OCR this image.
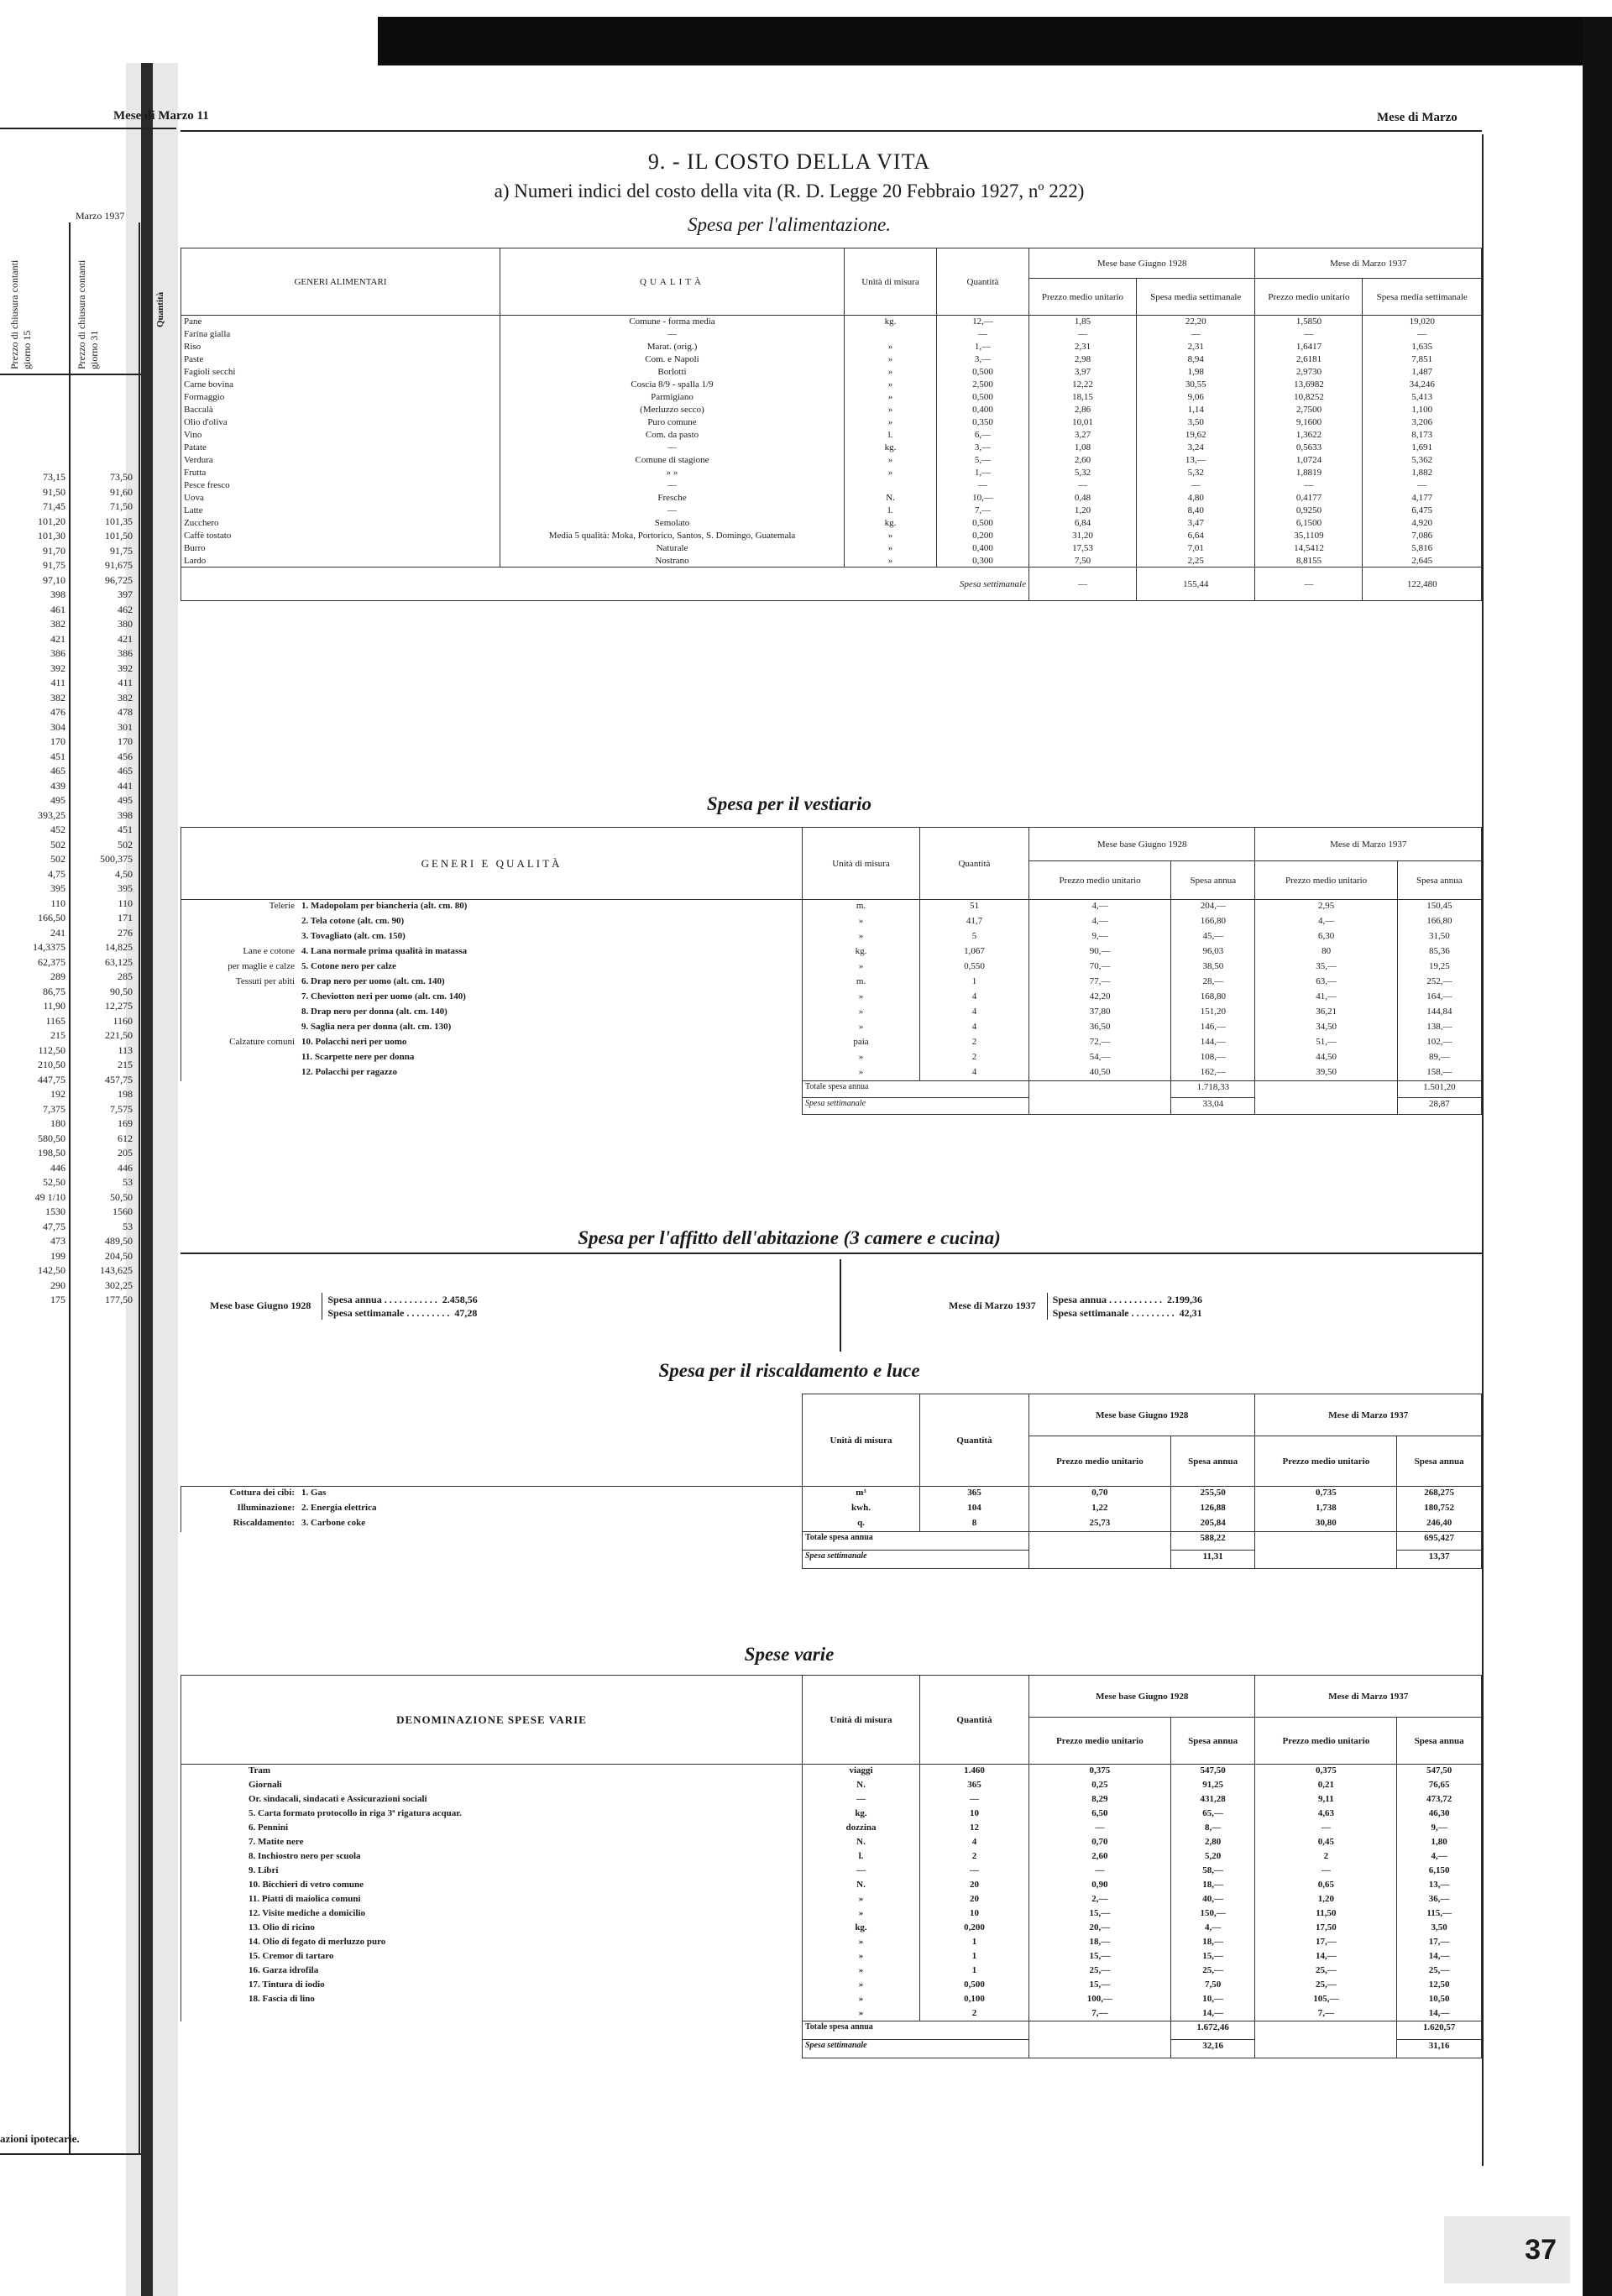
Mese di Marzo 11	Mese di Marzo
Marzo 1937
Prezzo di chiusura contanti giorno 15	Prezzo di chiusura contanti giorno 31
Quantità
73,15	73,50
91,50	91,60
71,45	71,50
101,20	101,35
101,30	101,50
91,70	91,75
91,75	91,675
97,10	96,725
398	397
461	462
382	380
421	421
386	386
392	392
411	411
382	382
476	478
304	301
170	170
451	456
465	465
439	441
495	495
393,25	398
452	451
502	502
502	500,375
4,75	4,50
395	395
110	110
166,50	171
241	276
14,3375	14,825
62,375	63,125
289	285
86,75	90,50
11,90	12,275
1165	1160
215	221,50
112,50	113
210,50	215
447,75	457,75
192	198
7,375	7,575
180	169
580,50	612
198,50	205
446	446
52,50	53
49 1/10	50,50
1530	1560
47,75	53
473	489,50
199	204,50
142,50	143,625
290	302,25
175	177,50
azioni ipotecarie.
9. - IL COSTO DELLA VITA
a) Numeri indici del costo della vita (R. D. Legge 20 Febbraio 1927, nº 222)
Spesa per l'alimentazione.
GENERI ALIMENTARI	QUALITÀ	Unità di misura	Quantità	Mese base Giugno 1928		Mese di Marzo 1937	
				Prezzo medio unitario	Spesa media settimanale	Prezzo medio unitario	Spesa media settimanale
Pane	Comune - forma media	kg.	12,—	1,85	22,20	1,5850	19,020
Farina gialla	—		—	—	—	—	—
Riso	Marat. (orig.)	»	1,—	2,31	2,31	1,6417	1,635
Paste	Com. e Napoli	»	3,—	2,98	8,94	2,6181	7,851
Fagioli secchi	Borlotti	»	0,500	3,97	1,98	2,9730	1,487
Carne bovina	Coscia 8/9 - spalla 1/9	»	2,500	12,22	30,55	13,6982	34,246
Formaggio	Parmigiano	»	0,500	18,15	9,06	10,8252	5,413
Baccalà	(Merluzzo secco)	»	0,400	2,86	1,14	2,7500	1,100
Olio d'oliva	Puro comune	»	0,350	10,01	3,50	9,1600	3,206
Vino	Com. da pasto	l.	6,—	3,27	19,62	1,3622	8,173
Patate	—	kg.	3,—	1,08	3,24	0,5633	1,691
Verdura	Comune di stagione	»	5,—	2,60	13,—	1,0724	5,362
Frutta	» »	»	1,—	5,32	5,32	1,8819	1,882
Pesce fresco	—		—	—	—	—	—
Uova	Fresche	N.	10,—	0,48	4,80	0,4177	4,177
Latte	—	l.	7,—	1,20	8,40	0,9250	6,475
Zucchero	Semolato	kg.	0,500	6,84	3,47	6,1500	4,920
Caffè tostato	Media 5 qualità: Moka, Portorico, Santos, S. Domingo, Guatemala	»	0,200	31,20	6,64	35,1109	7,086
Burro	Naturale	»	0,400	17,53	7,01	14,5412	5,816
Lardo	Nostrano	»	0,300	7,50	2,25	8,8155	2,645
Spesa settimanale				—	155,44	—	122,480
Spesa per il vestiario
GENERI E QUALITÀ	Unità di misura	Quantità	Mese base Giugno 1928		Mese di Marzo 1937	
			Prezzo medio unitario	Spesa annua	Prezzo medio unitario	Spesa annua
Telerie 1. Madopolam per biancheria (alt. cm. 80)	m.	51	4,—	204,—	2,95	150,45
2. Tela cotone (alt. cm. 90)	»	41,7	4,—	166,80	4,—	166,80
3. Tovagliato (alt. cm. 150)	»	5	9,—	45,—	6,30	31,50
Lane e cotone 4. Lana normale prima qualità in matassa	kg.	1,067	90,—	96,03	80	85,36
per maglie e calze 5. Cotone nero per calze	»	0,550	70,—	38,50	35,—	19,25
Tessuti per abiti 6. Drap nero per uomo (alt. cm. 140)	m.	1	77,—	28,—	63,—	252,—
7. Cheviotton neri per uomo (alt. cm. 140)	»	4	42,20	168,80	41,—	164,—
8. Drap nero per donna (alt. cm. 140)	»	4	37,80	151,20	36,21	144,84
9. Saglia nera per donna (alt. cm. 130)	»	4	36,50	146,—	34,50	138,—
Calzature comuni 10. Polacchi neri per uomo	paia	2	72,—	144,—	51,—	102,—
11. Scarpette nere per donna	»	2	54,—	108,—	44,50	89,—
12. Polacchi per ragazzo	»	4	40,50	162,—	39,50	158,—
	Totale spesa annua			1.718,33		1.501,20
	Spesa settimanale			33,04		28,87
Spesa per l'affitto dell'abitazione (3 camere e cucina)
Mese base Giugno 1928 Spesa annua ........... 2.458,56
Spesa settimanale ......... 47,28
Mese di Marzo 1937 Spesa annua ........... 2.199,36
Spesa settimanale ......... 42,31
Spesa per il riscaldamento e luce
	Unità di misura	Quantità	Mese base Giugno 1928		Mese di Marzo 1937	
			Prezzo medio unitario	Spesa annua	Prezzo medio unitario	Spesa annua
Cottura dei cibi: 1. Gas	m³	365	0,70	255,50	0,735	268,275
Illuminazione: 2. Energia elettrica	kwh.	104	1,22	126,88	1,738	180,752
Riscaldamento: 3. Carbone coke	q.	8	25,73	205,84	30,80	246,40
	Totale spesa annua			588,22		695,427
	Spesa settimanale			11,31		13,37
Spese varie
DENOMINAZIONE SPESE VARIE	Unità di misura	Quantità	Mese base Giugno 1928		Mese di Marzo 1937	
			Prezzo medio unitario	Spesa annua	Prezzo medio unitario	Spesa annua
Tram	viaggi	1.460	0,375	547,50	0,375	547,50
Giornali	N.	365	0,25	91,25	0,21	76,65
Or. sindacali, sindacati e Assicurazioni sociali	—	—	8,29	431,28	9,11	473,72
5. Carta formato protocollo in riga 3ª rigatura acquar.	kg.	10	6,50	65,—	4,63	46,30
6. Pennini	dozzina	12	—	8,—	—	9,—
7. Matite nere	N.	4	0,70	2,80	0,45	1,80
8. Inchiostro nero per scuola	l.	2	2,60	5,20	2	4,—
9. Libri	—	—	—	58,—	—	6,150
10. Bicchieri di vetro comune	N.	20	0,90	18,—	0,65	13,—
11. Piatti di maiolica comuni	»	20	2,—	40,—	1,20	36,—
12. Visite mediche a domicilio	»	10	15,—	150,—	11,50	115,—
13. Olio di ricino	kg.	0,200	20,—	4,—	17,50	3,50
14. Olio di fegato di merluzzo puro	»	1	18,—	18,—	17,—	17,—
15. Cremor di tartaro	»	1	15,—	15,—	14,—	14,—
16. Garza idrofila	»	1	25,—	25,—	25,—	25,—
17. Tintura di iodio	»	0,500	15,—	7,50	25,—	12,50
18. Fascia di lino	»	0,100	100,—	10,—	105,—	10,50
	»	2	7,—	14,—	7,—	14,—
	Totale spesa annua			1.672,46		1.620,57
	Spesa settimanale			32,16		31,16
37
